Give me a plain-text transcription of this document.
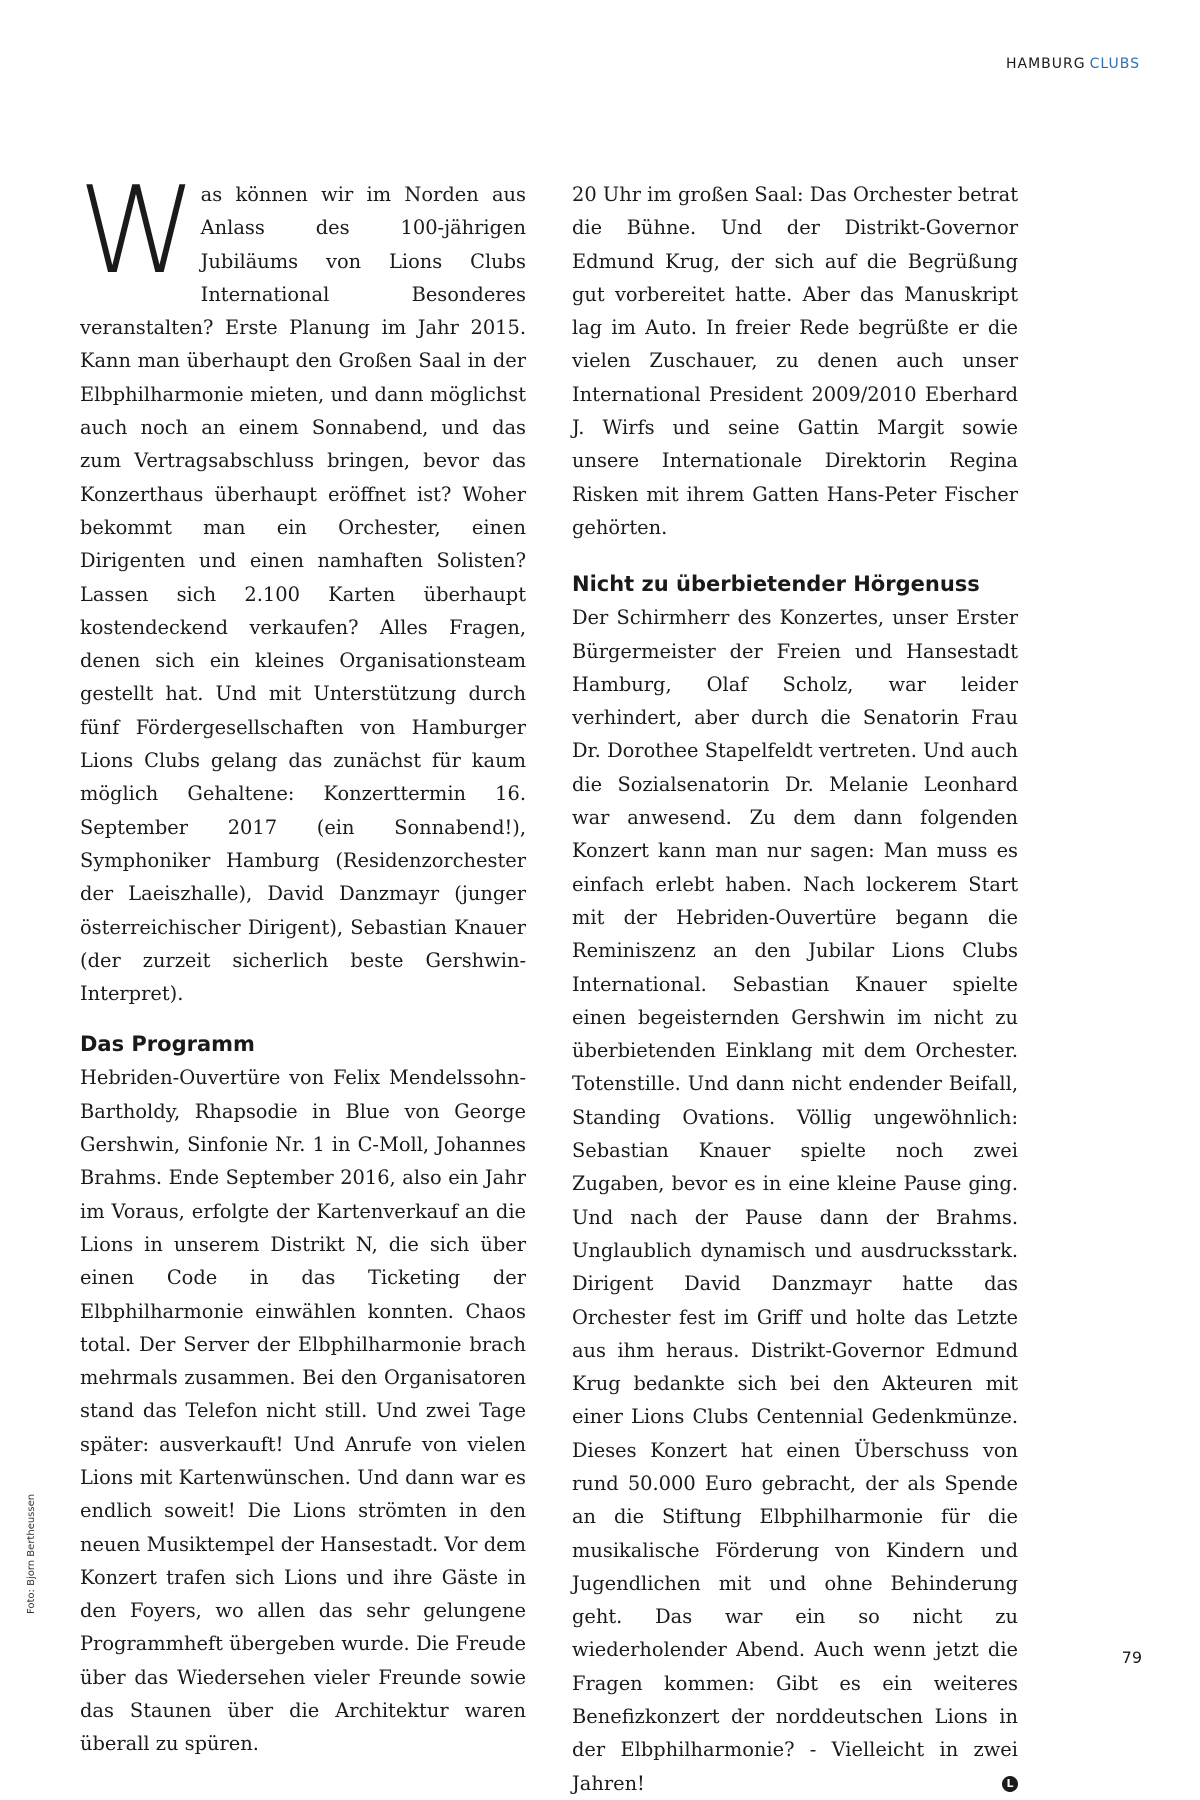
HAMBURG CLUBS
Foto: Bjorn Bertheussen

Was können wir im Norden aus Anlass des 100-jährigen Jubiläums von Lions Clubs International Besonderes veranstalten? Erste Planung im Jahr 2015. Kann man überhaupt den Großen Saal in der Elbphilharmonie mieten, und dann möglichst auch noch an einem Sonnabend, und das zum Vertragsabschluss bringen, bevor das Konzerthaus überhaupt eröffnet ist? Woher bekommt man ein Orchester, einen Dirigenten und einen namhaften Solisten? Lassen sich 2.100 Karten überhaupt kostendeckend verkaufen? Alles Fragen, denen sich ein kleines Organisationsteam gestellt hat. Und mit Unterstützung durch fünf Fördergesellschaften von Hamburger Lions Clubs gelang das zunächst für kaum möglich Gehaltene: Konzerttermin 16. September 2017 (ein Sonnabend!), Symphoniker Hamburg (Residenzorchester der Laeiszhalle), David Danzmayr (junger österreichischer Dirigent), Sebastian Knauer (der zurzeit sicherlich beste Gershwin-Interpret).

Das Programm

Hebriden-Ouvertüre von Felix Mendelssohn-Bartholdy, Rhapsodie in Blue von George Gershwin, Sinfonie Nr. 1 in C-Moll, Johannes Brahms. Ende September 2016, also ein Jahr im Voraus, erfolgte der Kartenverkauf an die Lions in unserem Distrikt N, die sich über einen Code in das Ticketing der Elbphilharmonie einwählen konnten. Chaos total. Der Server der Elbphilharmonie brach mehrmals zusammen. Bei den Organisatoren stand das Telefon nicht still. Und zwei Tage später: ausverkauft! Und Anrufe von vielen Lions mit Kartenwünschen. Und dann war es endlich soweit! Die Lions strömten in den neuen Musiktempel der Hansestadt. Vor dem Konzert trafen sich Lions und ihre Gäste in den Foyers, wo allen das sehr gelungene Programmheft übergeben wurde. Die Freude über das Wiedersehen vieler Freunde sowie das Staunen über die Architektur waren überall zu spüren.

20 Uhr im großen Saal: Das Orchester betrat die Bühne. Und der Distrikt-Governor Edmund Krug, der sich auf die Begrüßung gut vorbereitet hatte. Aber das Manuskript lag im Auto. In freier Rede begrüßte er die vielen Zuschauer, zu denen auch unser International President 2009/2010 Eberhard J. Wirfs und seine Gattin Margit sowie unsere Internationale Direktorin Regina Risken mit ihrem Gatten Hans-Peter Fischer gehörten.

Nicht zu überbietender Hörgenuss

Der Schirmherr des Konzertes, unser Erster Bürgermeister der Freien und Hansestadt Hamburg, Olaf Scholz, war leider verhindert, aber durch die Senatorin Frau Dr. Dorothee Stapelfeldt vertreten. Und auch die Sozialsenatorin Dr. Melanie Leonhard war anwesend. Zu dem dann folgenden Konzert kann man nur sagen: Man muss es einfach erlebt haben. Nach lockerem Start mit der Hebriden-Ouvertüre begann die Reminiszenz an den Jubilar Lions Clubs International. Sebastian Knauer spielte einen begeisternden Gershwin im nicht zu überbietenden Einklang mit dem Orchester. Totenstille. Und dann nicht endender Beifall, Standing Ovations. Völlig ungewöhnlich: Sebastian Knauer spielte noch zwei Zugaben, bevor es in eine kleine Pause ging. Und nach der Pause dann der Brahms. Unglaublich dynamisch und ausdrucksstark. Dirigent David Danzmayr hatte das Orchester fest im Griff und holte das Letzte aus ihm heraus. Distrikt-Governor Edmund Krug bedankte sich bei den Akteuren mit einer Lions Clubs Centennial Gedenkmünze. Dieses Konzert hat einen Überschuss von rund 50.000 Euro gebracht, der als Spende an die Stiftung Elbphilharmonie für die musikalische Förderung von Kindern und Jugendlichen mit und ohne Behinderung geht. Das war ein so nicht zu wiederholender Abend. Auch wenn jetzt die Fragen kommen: Gibt es ein weiteres Benefizkonzert der norddeutschen Lions in der Elbphilharmonie? - Vielleicht in zwei Jahren!	L

79
